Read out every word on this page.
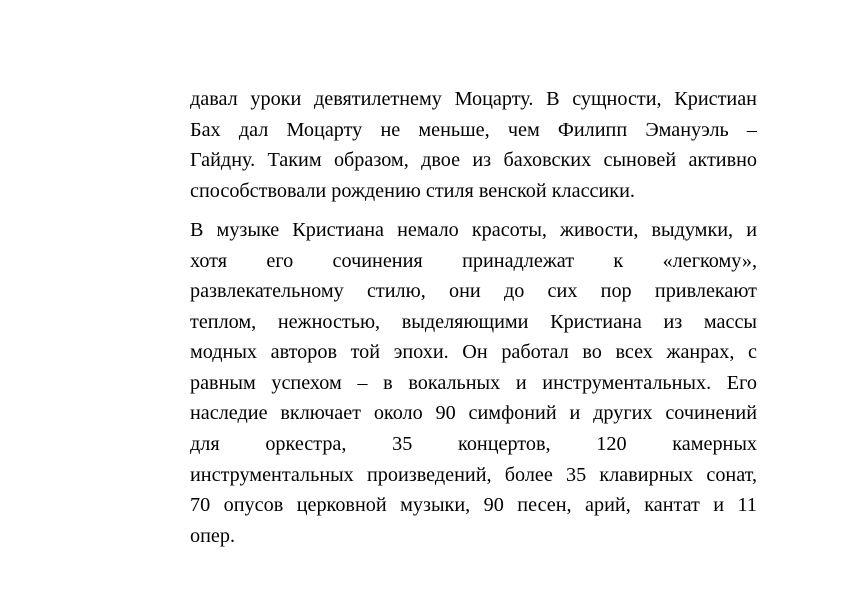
давал уроки девятилетнему Моцарту. В сущности, Кристиан
Бах дал Моцарту не меньше, чем Филипп Эмануэль –
Гайдну. Таким образом, двое из баховских сыновей активно
способствовали рождению стиля венской классики.
В музыке Кристиана немало красоты, живости, выдумки, и
хотя его сочинения принадлежат к «легкому»,
развлекательному стилю, они до сих пор привлекают
теплом, нежностью, выделяющими Кристиана из массы
модных авторов той эпохи. Он работал во всех жанрах, с
равным успехом – в вокальных и инструментальных. Его
наследие включает около 90 симфоний и других сочинений
для оркестра, 35 концертов, 120 камерных
инструментальных произведений, более 35 клавирных сонат,
70 опусов церковной музыки, 90 песен, арий, кантат и 11
опер.
